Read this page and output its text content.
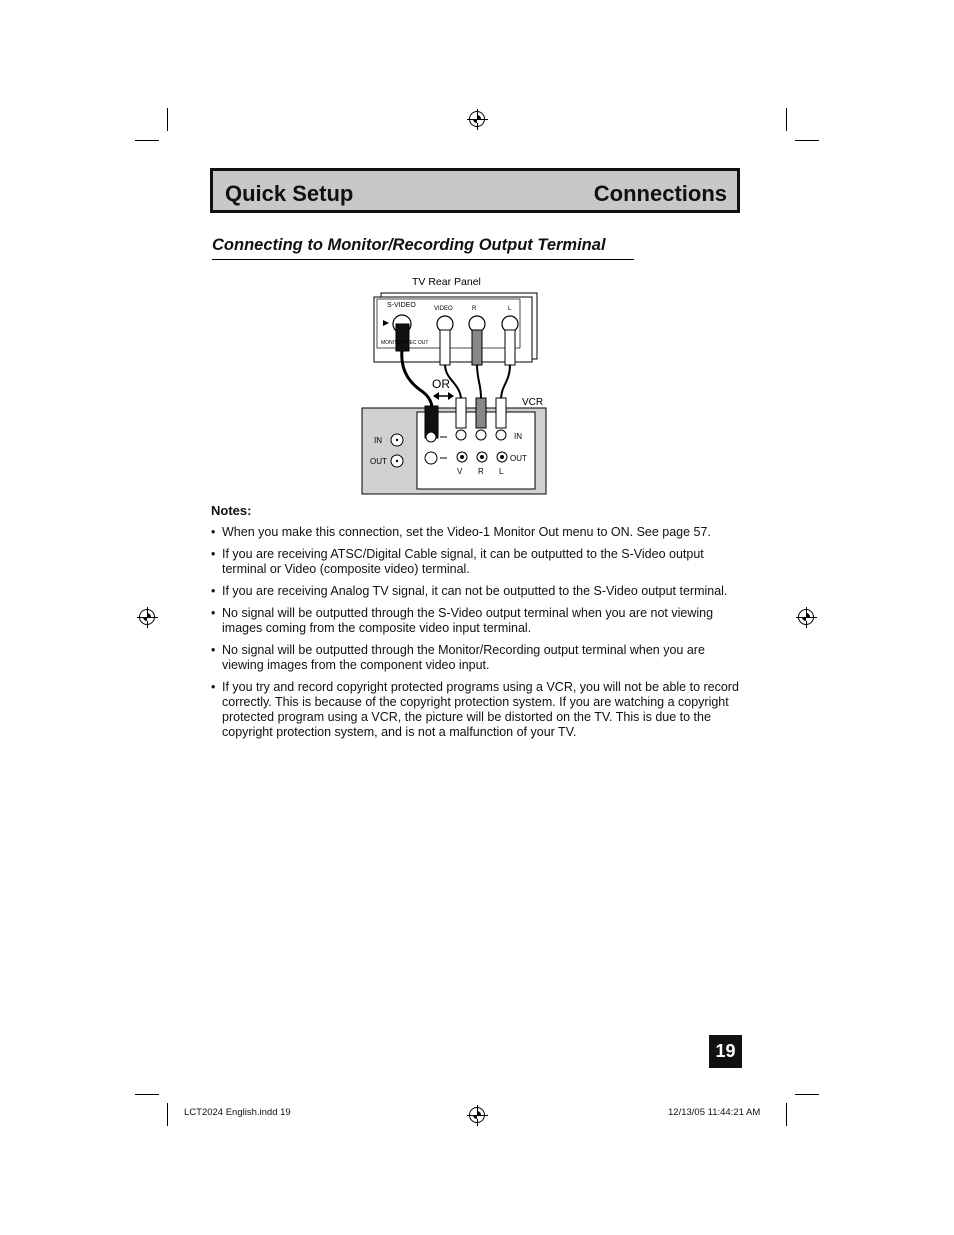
Quick Setup	Connections
Connecting to Monitor/Recording Output Terminal
TV Rear Panel
S-VIDEO	VIDEO	R	L
MONITOR/REC OUT
OR
VCR
IN
OUT
IN
OUT
V R L
Notes:
• When you make this connection, set the Video-1 Monitor Out menu to ON. See page 57.
• If you are receiving ATSC/Digital Cable signal, it can be outputted to the S-Video output terminal or Video (composite video) terminal.
• If you are receiving Analog TV signal, it can not be outputted to the S-Video output terminal.
• No signal will be outputted through the S-Video output terminal when you are not viewing images coming from the composite video input terminal.
• No signal will be outputted through the Monitor/Recording output terminal when you are viewing images from the component video input.
• If you try and record copyright protected programs using a VCR, you will not be able to record correctly. This is because of the copyright protection system. If you are watching a copyright protected program using a VCR, the picture will be distorted on the TV. This is due to the copyright protection system, and is not a malfunction of your TV.
19
LCT2024 English.indd 19	12/13/05 11:44:21 AM
